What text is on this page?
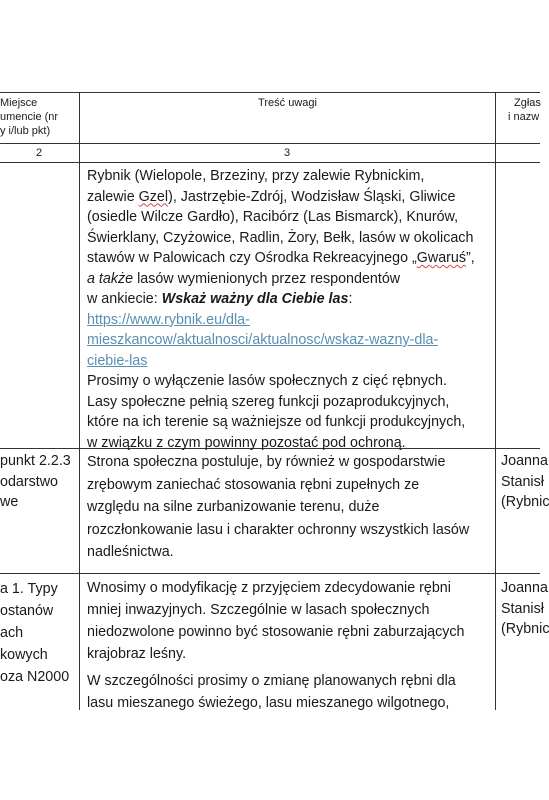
Miejsce
umencie (nr
y i/lub pkt)
Treść uwagi	Zgłas
i nazw
2	3
Rybnik (Wielopole, Brzeziny, przy zalewie Rybnickim,
zalewie Gzel), Jastrzębie-Zdrój, Wodzisław Śląski, Gliwice
(osiedle Wilcze Gardło), Racibórz (Las Bismarck), Knurów,
Świerklany, Czyżowice, Radlin, Żory, Bełk, lasów w okolicach
stawów w Palowicach czy Ośrodka Rekreacyjnego „Gwaruś”,
a także lasów wymienionych przez respondentów
w ankiecie: Wskaż ważny dla Ciebie las:
https://www.rybnik.eu/dla-
mieszkancow/aktualnosci/aktualnosc/wskaz-wazny-dla-
ciebie-las
Prosimy o wyłączenie lasów społecznych z cięć rębnych.
Lasy społeczne pełnią szereg funkcji pozaprodukcyjnych,
które na ich terenie są ważniejsze od funkcji produkcyjnych,
w związku z czym powinny pozostać pod ochroną.
punkt 2.2.3
odarstwo
we
Strona społeczna postuluje, by również w gospodarstwie
zrębowym zaniechać stosowania rębni zupełnych ze
względu na silne zurbanizowanie terenu, duże
rozczłonkowanie lasu i charakter ochronny wszystkich lasów
nadleśnictwa.
Joanna
Stanisł
(Rybnic
a 1. Typy
ostanów
ach
kowych
oza N2000
Wnosimy o modyfikację z przyjęciem zdecydowanie rębni
mniej inwazyjnych. Szczególnie w lasach społecznych
niedozwolone powinno być stosowanie rębni zaburzających
krajobraz leśny.
W szczególności prosimy o zmianę planowanych rębni dla
lasu mieszanego świeżego, lasu mieszanego wilgotnego,
Joanna
Stanisł
(Rybnic
